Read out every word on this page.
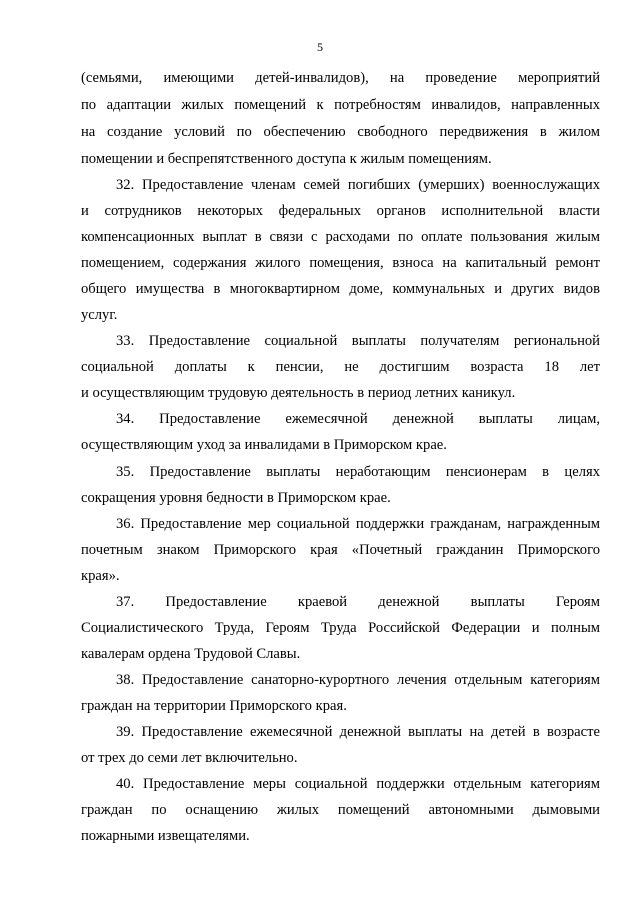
5
(семьями, имеющими детей-инвалидов), на проведение мероприятий
по адаптации жилых помещений к потребностям инвалидов, направленных
на создание условий по обеспечению свободного передвижения в жилом
помещении и беспрепятственного доступа к жилым помещениям.
32. Предоставление членам семей погибших (умерших) военнослужащих
и сотрудников некоторых федеральных органов исполнительной власти
компенсационных выплат в связи с расходами по оплате пользования жилым
помещением, содержания жилого помещения, взноса на капитальный ремонт
общего имущества в многоквартирном доме, коммунальных и других видов
услуг.
33. Предоставление социальной выплаты получателям региональной
социальной доплаты к пенсии, не достигшим возраста 18 лет
и осуществляющим трудовую деятельность в период летних каникул.
34. Предоставление ежемесячной денежной выплаты лицам,
осуществляющим уход за инвалидами в Приморском крае.
35. Предоставление выплаты неработающим пенсионерам в целях
сокращения уровня бедности в Приморском крае.
36. Предоставление мер социальной поддержки гражданам, награжденным
почетным знаком Приморского края «Почетный гражданин Приморского
края».
37. Предоставление краевой денежной выплаты Героям
Социалистического Труда, Героям Труда Российской Федерации и полным
кавалерам ордена Трудовой Славы.
38. Предоставление санаторно-курортного лечения отдельным категориям
граждан на территории Приморского края.
39. Предоставление ежемесячной денежной выплаты на детей в возрасте
от трех до семи лет включительно.
40. Предоставление меры социальной поддержки отдельным категориям
граждан по оснащению жилых помещений автономными дымовыми
пожарными извещателями.
